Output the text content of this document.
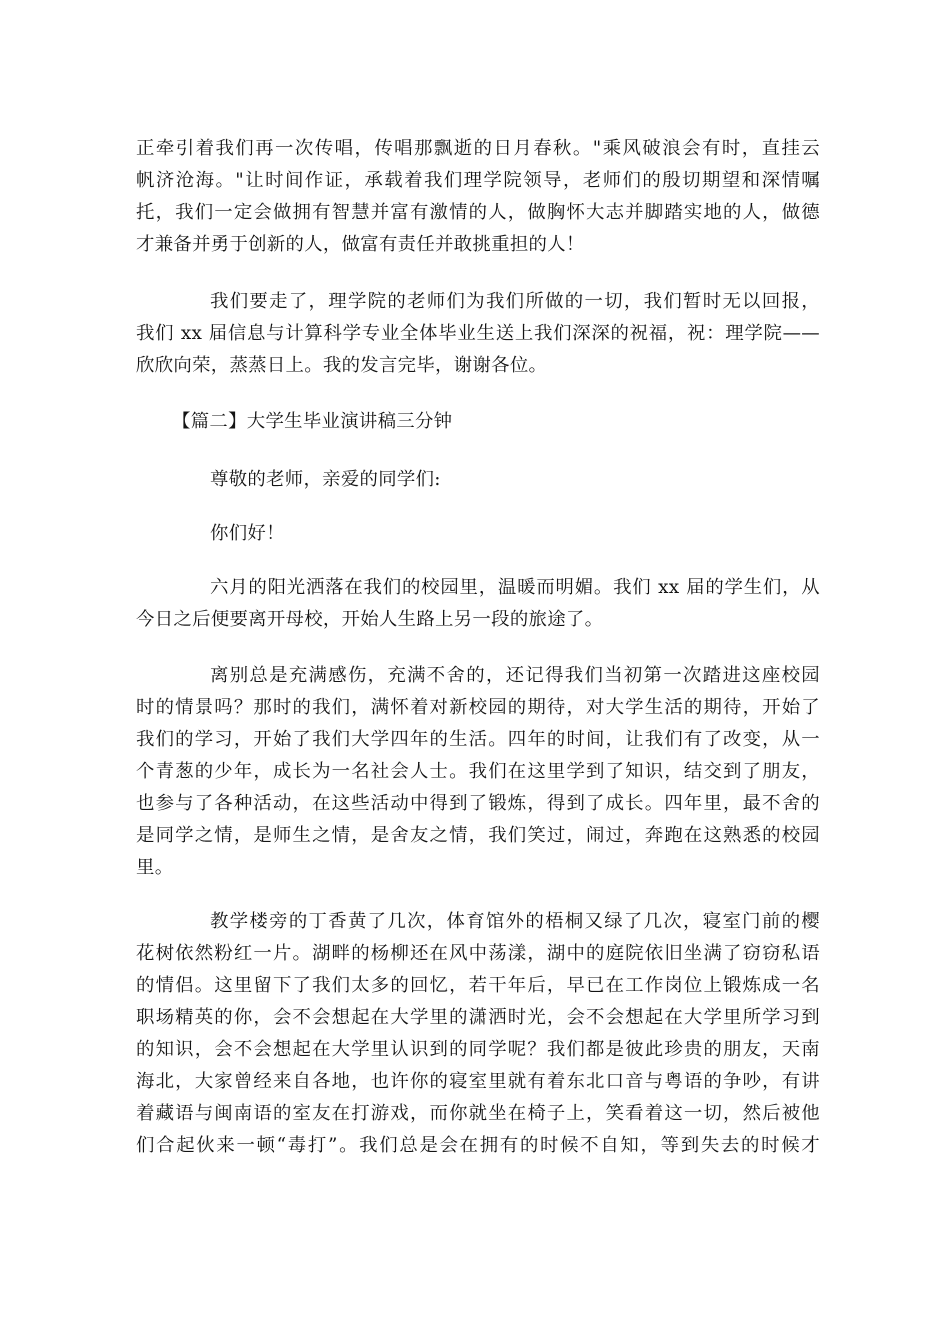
正牵引着我们再一次传唱，传唱那飘逝的日月春秋。"乘风破浪会有时，直挂云
帆济沧海。"让时间作证，承载着我们理学院领导，老师们的殷切期望和深情嘱
托，我们一定会做拥有智慧并富有激情的人，做胸怀大志并脚踏实地的人，做德
才兼备并勇于创新的人，做富有责任并敢挑重担的人！
我们要走了，理学院的老师们为我们所做的一切，我们暂时无以回报，
我们 xx 届信息与计算科学专业全体毕业生送上我们深深的祝福，祝：理学院——
欣欣向荣，蒸蒸日上。我的发言完毕，谢谢各位。
【篇二】大学生毕业演讲稿三分钟
尊敬的老师，亲爱的同学们:
你们好！
六月的阳光洒落在我们的校园里，温暖而明媚。我们 xx 届的学生们，从
今日之后便要离开母校，开始人生路上另一段的旅途了。
离别总是充满感伤，充满不舍的，还记得我们当初第一次踏进这座校园
时的情景吗？那时的我们，满怀着对新校园的期待，对大学生活的期待，开始了
我们的学习，开始了我们大学四年的生活。四年的时间，让我们有了改变，从一
个青葱的少年，成长为一名社会人士。我们在这里学到了知识，结交到了朋友，
也参与了各种活动，在这些活动中得到了锻炼，得到了成长。四年里，最不舍的
是同学之情，是师生之情，是舍友之情，我们笑过，闹过，奔跑在这熟悉的校园
里。
教学楼旁的丁香黄了几次，体育馆外的梧桐又绿了几次，寝室门前的樱
花树依然粉红一片。湖畔的杨柳还在风中荡漾，湖中的庭院依旧坐满了窃窃私语
的情侣。这里留下了我们太多的回忆，若干年后，早已在工作岗位上锻炼成一名
职场精英的你，会不会想起在大学里的潇洒时光，会不会想起在大学里所学习到
的知识，会不会想起在大学里认识到的同学呢？我们都是彼此珍贵的朋友，天南
海北，大家曾经来自各地，也许你的寝室里就有着东北口音与粤语的争吵，有讲
着藏语与闽南语的室友在打游戏，而你就坐在椅子上，笑看着这一切，然后被他
们合起伙来一顿“毒打”。我们总是会在拥有的时候不自知，等到失去的时候才
